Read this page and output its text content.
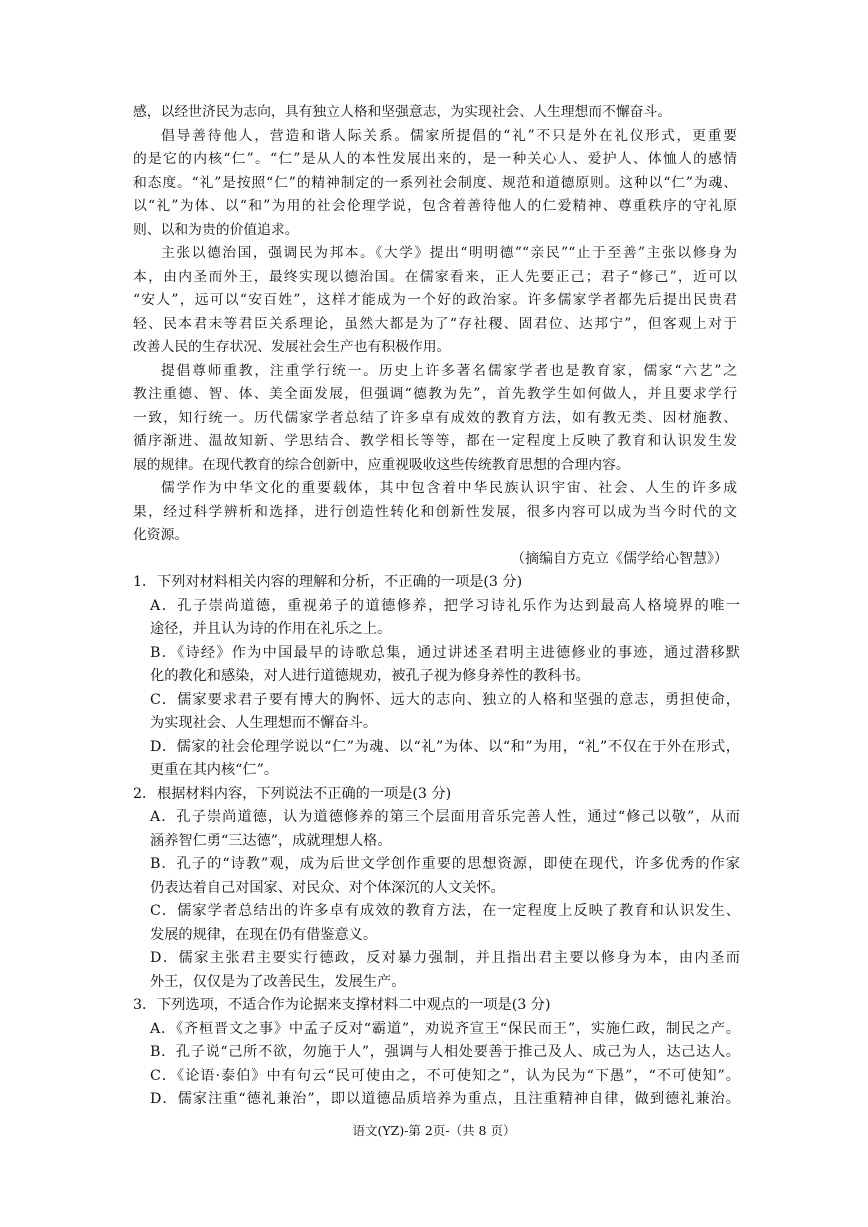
感，以经世济民为志向，具有独立人格和坚强意志，为实现社会、人生理想而不懈奋斗。
倡导善待他人，营造和谐人际关系。儒家所提倡的“礼”不只是外在礼仪形式，更重要
的是它的内核“仁”。“仁”是从人的本性发展出来的，是一种关心人、爱护人、体恤人的感情
和态度。“礼”是按照“仁”的精神制定的一系列社会制度、规范和道德原则。这种以“仁”为魂、
以“礼”为体、以“和”为用的社会伦理学说，包含着善待他人的仁爱精神、尊重秩序的守礼原
则、以和为贵的价值追求。
主张以德治国，强调民为邦本。《大学》提出“明明德”“亲民”“止于至善”主张以修身为
本，由内圣而外王，最终实现以德治国。在儒家看来，正人先要正己；君子“修己”，近可以
“安人”，远可以“安百姓”，这样才能成为一个好的政治家。许多儒家学者都先后提出民贵君
轻、民本君末等君臣关系理论，虽然大都是为了“存社稷、固君位、达邦宁”，但客观上对于
改善人民的生存状况、发展社会生产也有积极作用。
提倡尊师重教，注重学行统一。历史上许多著名儒家学者也是教育家，儒家“六艺”之
教注重德、智、体、美全面发展，但强调“德教为先”，首先教学生如何做人，并且要求学行
一致，知行统一。历代儒家学者总结了许多卓有成效的教育方法，如有教无类、因材施教、
循序渐进、温故知新、学思结合、教学相长等等，都在一定程度上反映了教育和认识发生发
展的规律。在现代教育的综合创新中，应重视吸收这些传统教育思想的合理内容。
儒学作为中华文化的重要载体，其中包含着中华民族认识宇宙、社会、人生的许多成
果，经过科学辨析和选择，进行创造性转化和创新性发展，很多内容可以成为当今时代的文
化资源。
（摘编自方克立《儒学给心智慧》）
1． 下列对材料相关内容的理解和分析，不正确的一项是(3 分)
A．孔子崇尚道德，重视弟子的道德修养，把学习诗礼乐作为达到最高人格境界的唯一
途径，并且认为诗的作用在礼乐之上。
B．《诗经》作为中国最早的诗歌总集，通过讲述圣君明主进德修业的事迹，通过潜移默
化的教化和感染，对人进行道德规劝，被孔子视为修身养性的教科书。
C．儒家要求君子要有博大的胸怀、远大的志向、独立的人格和坚强的意志，勇担使命，
为实现社会、人生理想而不懈奋斗。
D．儒家的社会伦理学说以“仁”为魂、以“礼”为体、以“和”为用，“礼”不仅在于外在形式，
更重在其内核“仁”。
2． 根据材料内容，下列说法不正确的一项是(3 分)
A．孔子崇尚道德，认为道德修养的第三个层面用音乐完善人性，通过“修己以敬”，从而
涵养智仁勇“三达德”，成就理想人格。
B．孔子的“诗教”观，成为后世文学创作重要的思想资源，即使在现代，许多优秀的作家
仍表达着自己对国家、对民众、对个体深沉的人文关怀。
C．儒家学者总结出的许多卓有成效的教育方法，在一定程度上反映了教育和认识发生、
发展的规律，在现在仍有借鉴意义。
D．儒家主张君主要实行德政，反对暴力强制，并且指出君主要以修身为本，由内圣而
外王，仅仅是为了改善民生，发展生产。
3． 下列选项，不适合作为论据来支撑材料二中观点的一项是(3 分)
A．《齐桓晋文之事》中孟子反对“霸道”，劝说齐宣王“保民而王”，实施仁政，制民之产。
B．孔子说“己所不欲，勿施于人”，强调与人相处要善于推己及人、成己为人，达己达人。
C．《论语·泰伯》中有句云“民可使由之，不可使知之”，认为民为“下愚”，“不可使知”。
D．儒家注重“德礼兼治”，即以道德品质培养为重点，且注重精神自律，做到德礼兼治。
语文(YZ)-第 2页-（共 8 页）
